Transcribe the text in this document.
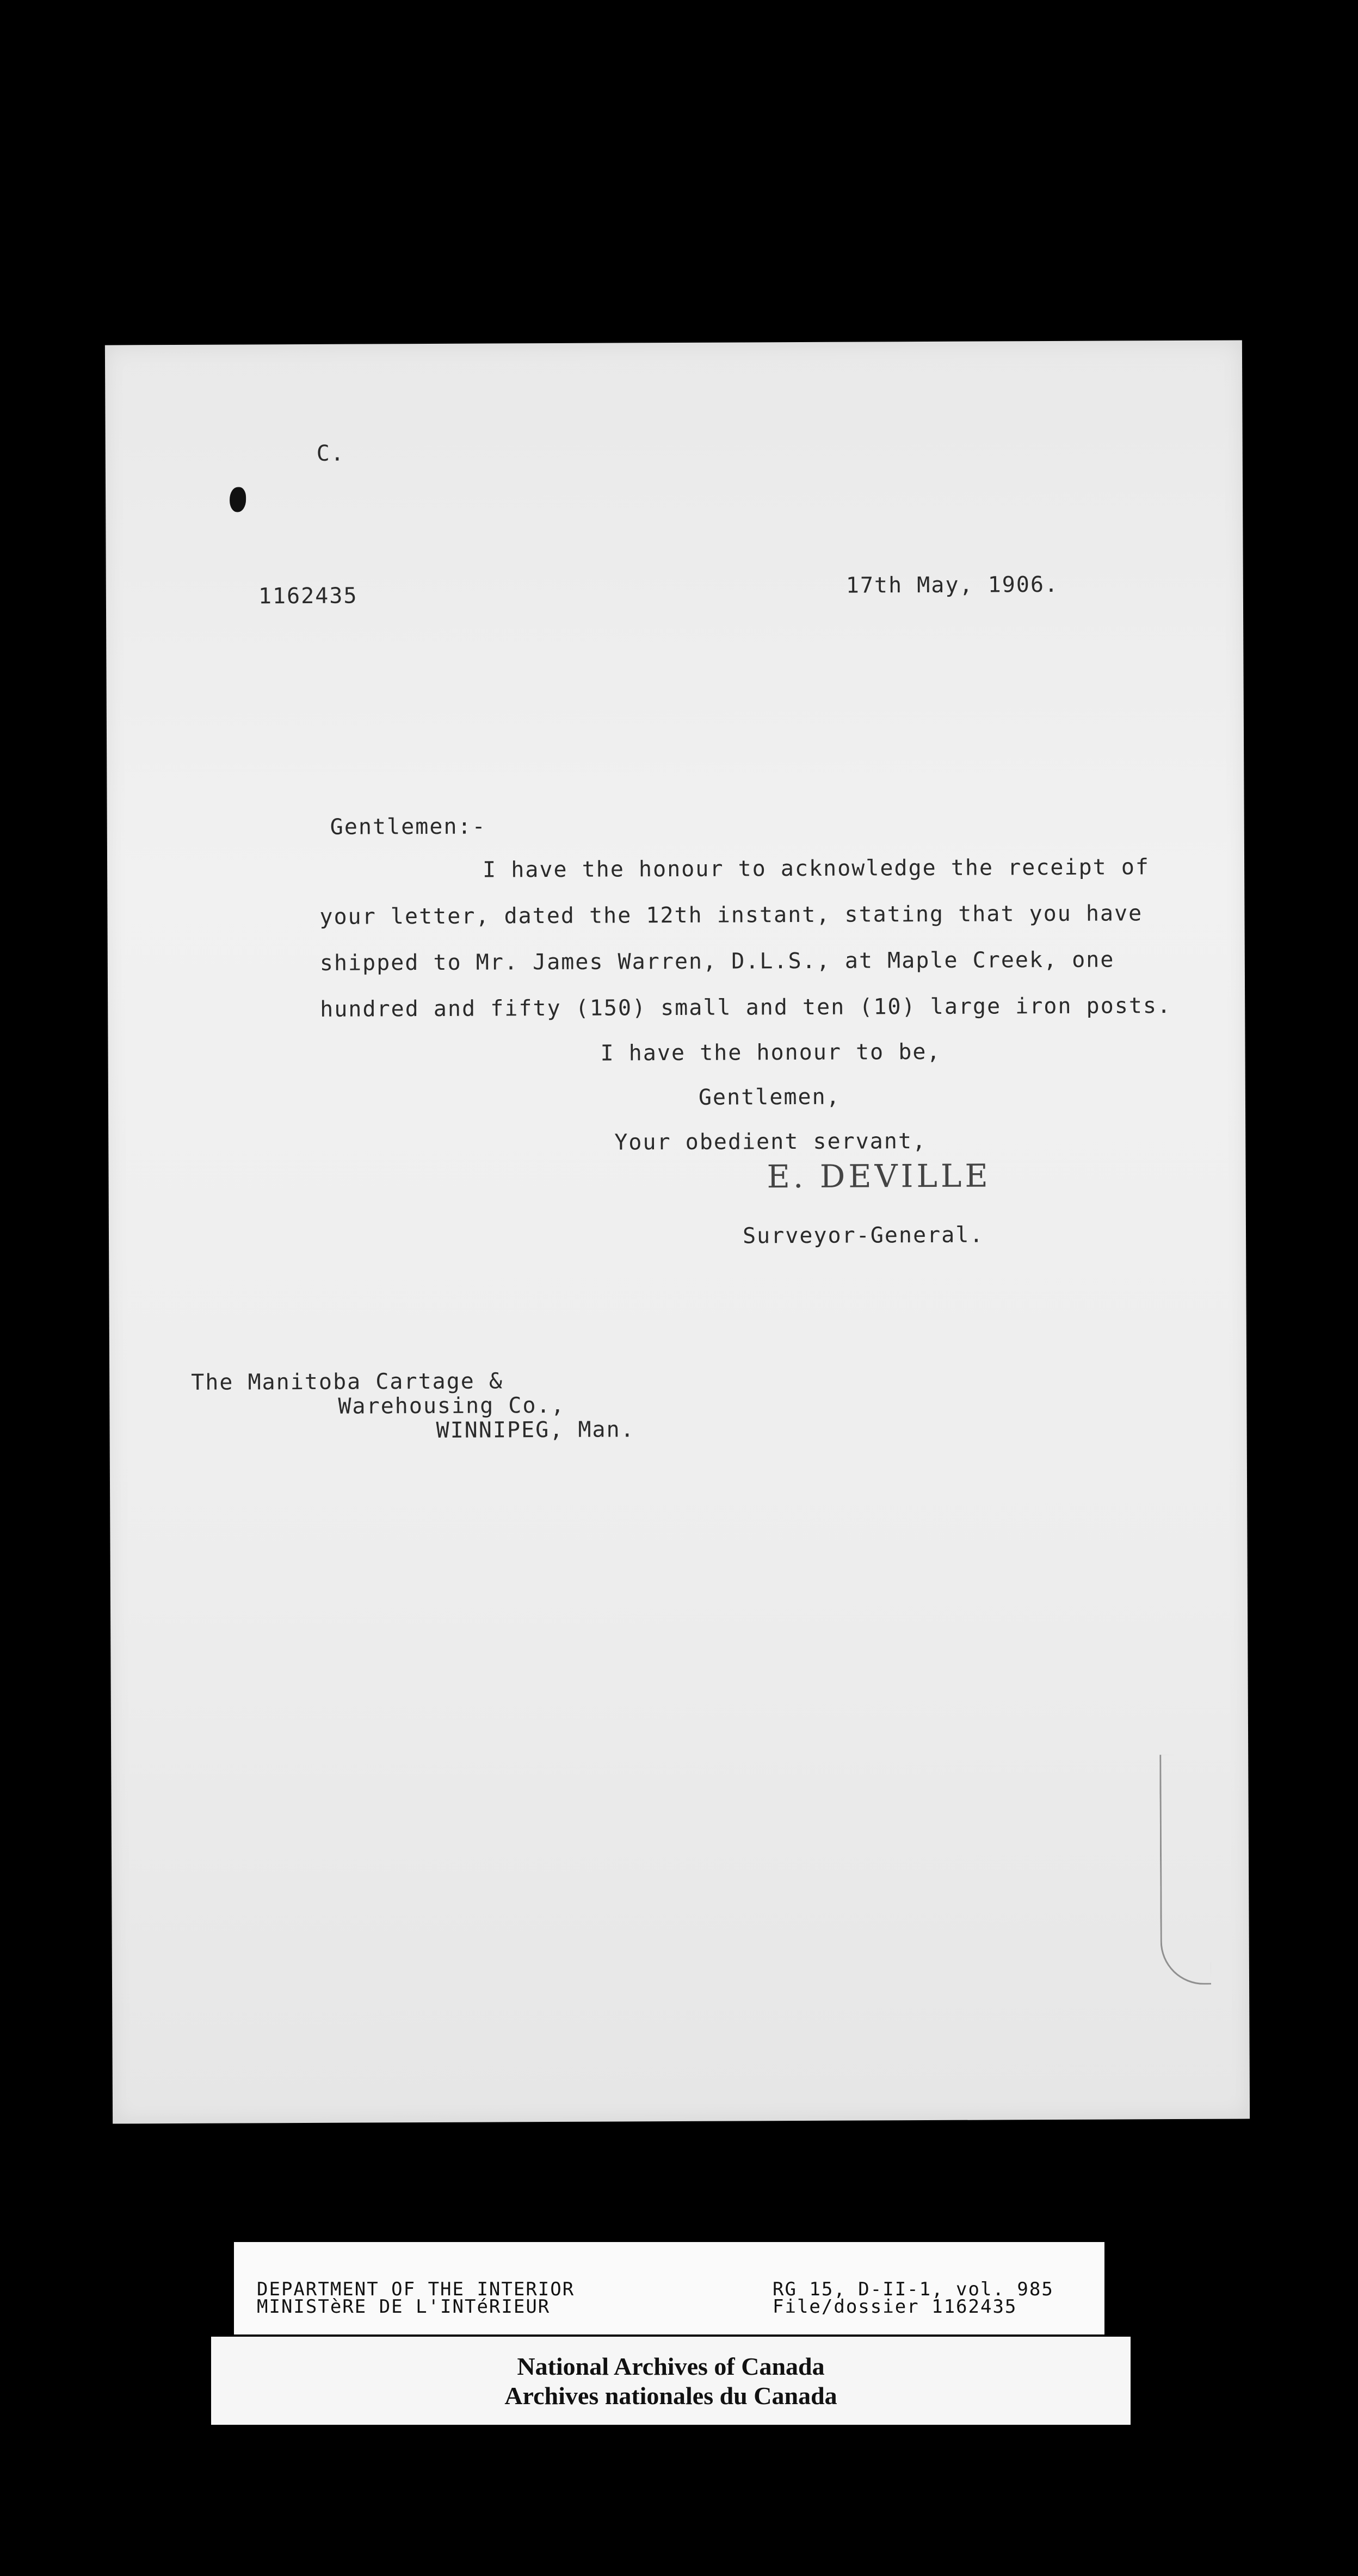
C.
1162435	17th May, 1906.
Gentlemen:-
I have the honour to acknowledge the receipt of
your letter, dated the 12th instant, stating that you have
shipped to Mr. James Warren, D.L.S., at Maple Creek, one
hundred and fifty (150) small and ten (10) large iron posts.
I have the honour to be,
Gentlemen,
Your obedient servant,
E. DEVILLE
Surveyor-General.
The Manitoba Cartage &
Warehousing Co.,
WINNIPEG, Man.
DEPARTMENT OF THE INTERIOR
MINISTèRE DE L'INTéRIEUR
RG 15, D-II-1, vol. 985
File/dossier 1162435
National Archives of Canada
Archives nationales du Canada
